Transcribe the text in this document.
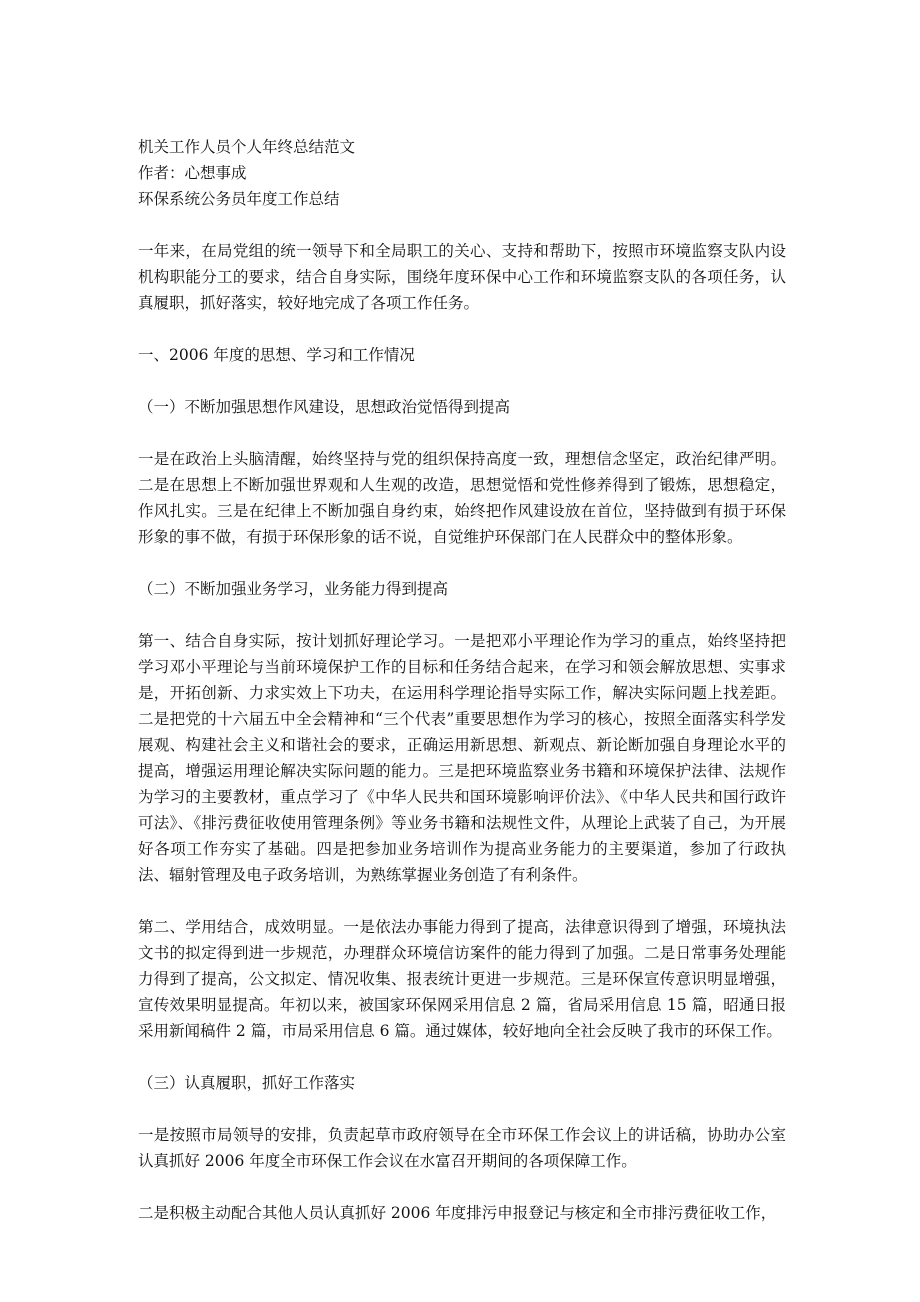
机关工作人员个人年终总结范文
作者：心想事成
环保系统公务员年度工作总结

一年来，在局党组的统一领导下和全局职工的关心、支持和帮助下，按照市环境监察支队内设机构职能分工的要求，结合自身实际，围绕年度环保中心工作和环境监察支队的各项任务，认真履职，抓好落实，较好地完成了各项工作任务。

一、2006 年度的思想、学习和工作情况
（一）不断加强思想作风建设，思想政治觉悟得到提高

一是在政治上头脑清醒，始终坚持与党的组织保持高度一致，理想信念坚定，政治纪律严明。二是在思想上不断加强世界观和人生观的改造，思想觉悟和党性修养得到了锻炼，思想稳定，作风扎实。三是在纪律上不断加强自身约束，始终把作风建设放在首位，坚持做到有损于环保形象的事不做，有损于环保形象的话不说，自觉维护环保部门在人民群众中的整体形象。

（二）不断加强业务学习，业务能力得到提高

第一、结合自身实际，按计划抓好理论学习。一是把邓小平理论作为学习的重点，始终坚持把学习邓小平理论与当前环境保护工作的目标和任务结合起来，在学习和领会解放思想、实事求是，开拓创新、力求实效上下功夫，在运用科学理论指导实际工作，解决实际问题上找差距。二是把党的十六届五中全会精神和“三个代表”重要思想作为学习的核心，按照全面落实科学发展观、构建社会主义和谐社会的要求，正确运用新思想、新观点、新论断加强自身理论水平的提高，增强运用理论解决实际问题的能力。三是把环境监察业务书籍和环境保护法律、法规作为学习的主要教材，重点学习了《中华人民共和国环境影响评价法》、《中华人民共和国行政许可法》、《排污费征收使用管理条例》等业务书籍和法规性文件，从理论上武装了自己，为开展好各项工作夯实了基础。四是把参加业务培训作为提高业务能力的主要渠道，参加了行政执法、辐射管理及电子政务培训，为熟练掌握业务创造了有利条件。

第二、学用结合，成效明显。一是依法办事能力得到了提高，法律意识得到了增强，环境执法文书的拟定得到进一步规范，办理群众环境信访案件的能力得到了加强。二是日常事务处理能力得到了提高，公文拟定、情况收集、报表统计更进一步规范。三是环保宣传意识明显增强，宣传效果明显提高。年初以来，被国家环保网采用信息 2 篇，省局采用信息 15 篇，昭通日报采用新闻稿件 2 篇，市局采用信息 6 篇。通过媒体，较好地向全社会反映了我市的环保工作。

（三）认真履职，抓好工作落实

一是按照市局领导的安排，负责起草市政府领导在全市环保工作会议上的讲话稿，协助办公室认真抓好 2006 年度全市环保工作会议在水富召开期间的各项保障工作。

二是积极主动配合其他人员认真抓好 2006 年度排污申报登记与核定和全市排污费征收工作，
